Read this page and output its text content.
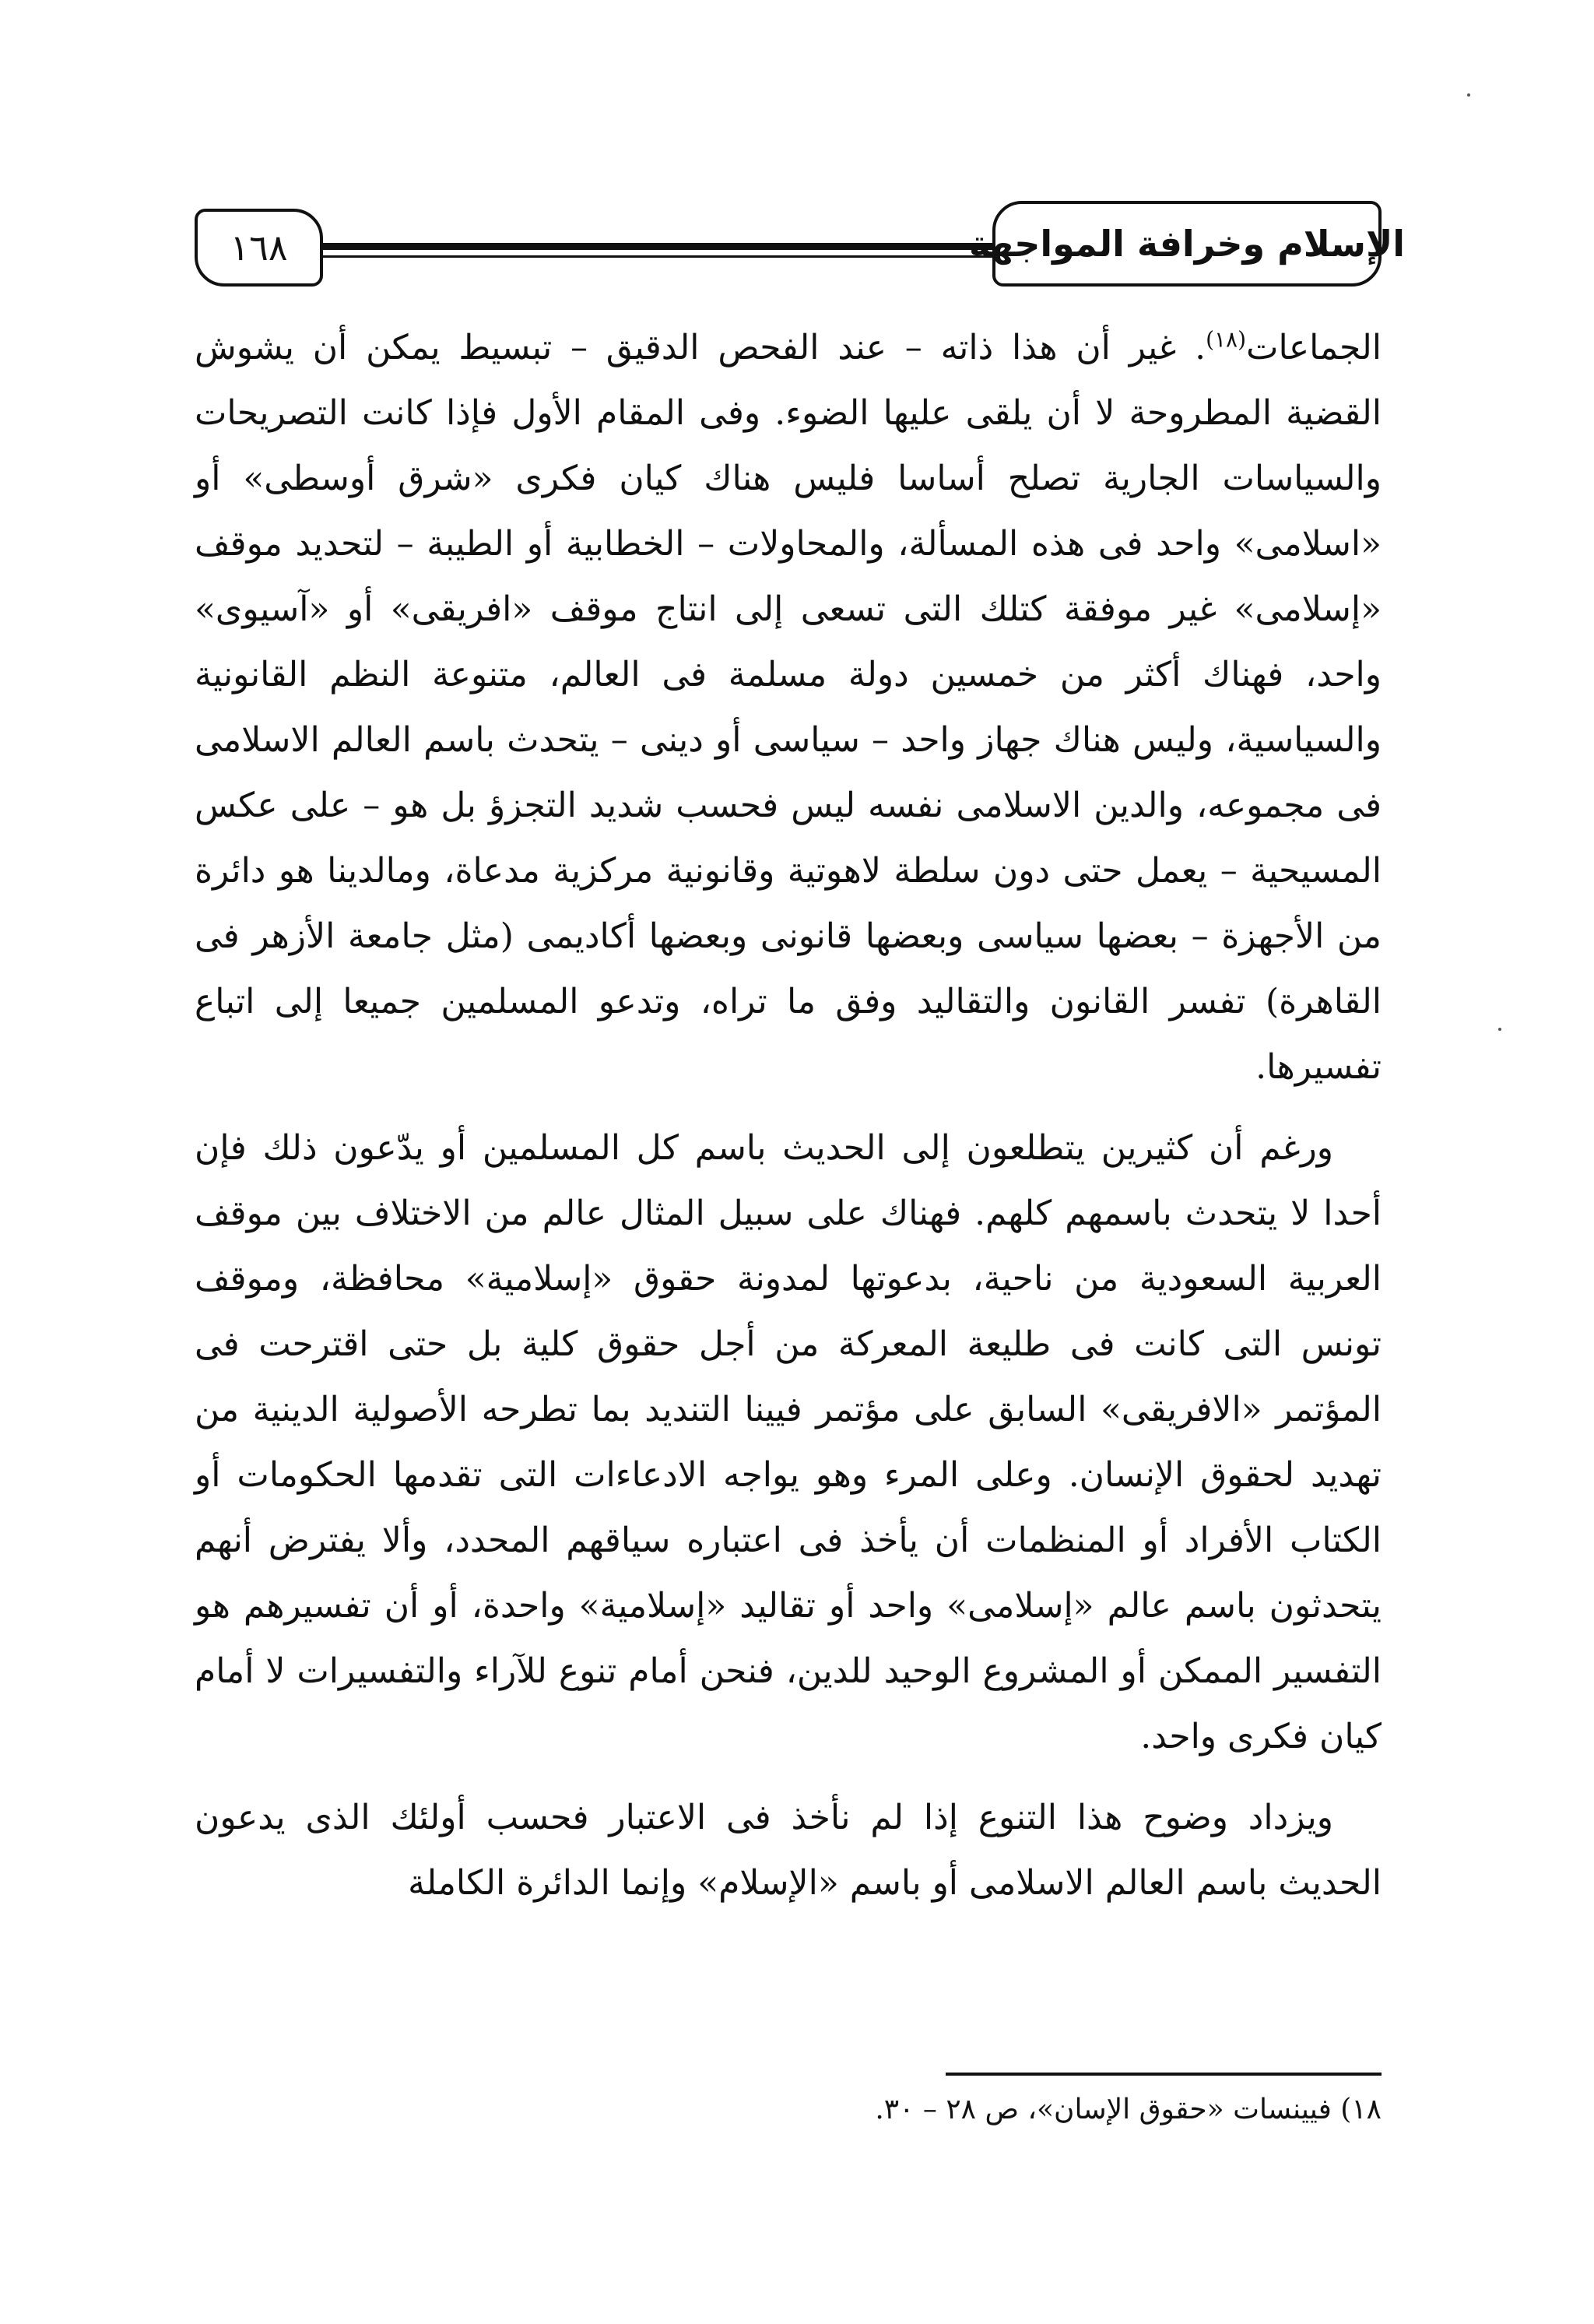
الإسلام وخرافة المواجهة
١٦٨

الجماعات$^{(١٨)}$. غير أن هذا ذاته – عند الفحص الدقيق – تبسيط يمكن أن يشوش القضية المطروحة لا أن يلقى عليها الضوء. وفى المقام الأول فإذا كانت التصريحات والسياسات الجارية تصلح أساسا فليس هناك كيان فكرى «شرق أوسطى» أو «اسلامى» واحد فى هذه المسألة، والمحاولات – الخطابية أو الطيبة – لتحديد موقف «إسلامى» غير موفقة كتلك التى تسعى إلى انتاج موقف «افريقى» أو «آسيوى» واحد، فهناك أكثر من خمسين دولة مسلمة فى العالم، متنوعة النظم القانونية والسياسية، وليس هناك جهاز واحد – سياسى أو دينى – يتحدث باسم العالم الاسلامى فى مجموعه، والدين الاسلامى نفسه ليس فحسب شديد التجزؤ بل هو – على عكس المسيحية – يعمل حتى دون سلطة لاهوتية وقانونية مركزية مدعاة، ومالدينا هو دائرة من الأجهزة – بعضها سياسى وبعضها قانونى وبعضها أكاديمى (مثل جامعة الأزهر فى القاهرة) تفسر القانون والتقاليد وفق ما تراه، وتدعو المسلمين جميعا إلى اتباع تفسيرها.

ورغم أن كثيرين يتطلعون إلى الحديث باسم كل المسلمين أو يدّعون ذلك فإن أحدا لا يتحدث باسمهم كلهم. فهناك على سبيل المثال عالم من الاختلاف بين موقف العربية السعودية من ناحية، بدعوتها لمدونة حقوق «إسلامية» محافظة، وموقف تونس التى كانت فى طليعة المعركة من أجل حقوق كلية بل حتى اقترحت فى المؤتمر «الافريقى» السابق على مؤتمر فيينا التنديد بما تطرحه الأصولية الدينية من تهديد لحقوق الإنسان. وعلى المرء وهو يواجه الادعاءات التى تقدمها الحكومات أو الكتاب الأفراد أو المنظمات أن يأخذ فى اعتباره سياقهم المحدد، وألا يفترض أنهم يتحدثون باسم عالم «إسلامى» واحد أو تقاليد «إسلامية» واحدة، أو أن تفسيرهم هو التفسير الممكن أو المشروع الوحيد للدين، فنحن أمام تنوع للآراء والتفسيرات لا أمام كيان فكرى واحد.

ويزداد وضوح هذا التنوع إذا لم نأخذ فى الاعتبار فحسب أولئك الذى يدعون الحديث باسم العالم الاسلامى أو باسم «الإسلام» وإنما الدائرة الكاملة

١٨) فيينسات «حقوق الإسان»، ص ٢٨ – ٣٠.
